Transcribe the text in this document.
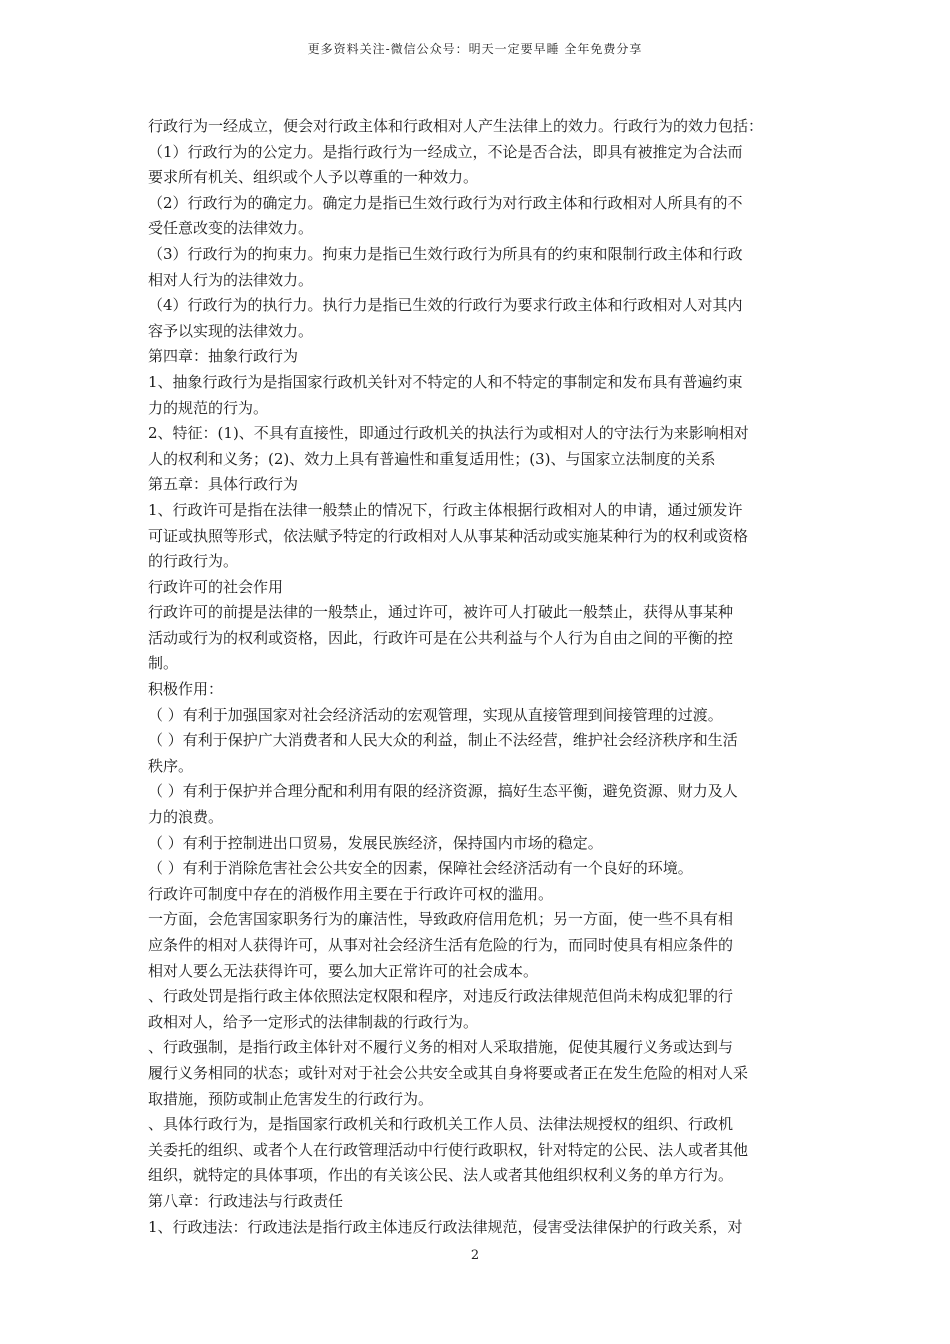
更多资料关注-微信公众号：明天一定要早睡 全年免费分享
行政行为一经成立，便会对行政主体和行政相对人产生法律上的效力。行政行为的效力包括：
（1）行政行为的公定力。是指行政行为一经成立，不论是否合法，即具有被推定为合法而
要求所有机关、组织或个人予以尊重的一种效力。
（2）行政行为的确定力。确定力是指已生效行政行为对行政主体和行政相对人所具有的不
受任意改变的法律效力。
（3）行政行为的拘束力。拘束力是指已生效行政行为所具有的约束和限制行政主体和行政
相对人行为的法律效力。
（4）行政行为的执行力。执行力是指已生效的行政行为要求行政主体和行政相对人对其内
容予以实现的法律效力。
第四章：抽象行政行为
1、抽象行政行为是指国家行政机关针对不特定的人和不特定的事制定和发布具有普遍约束
力的规范的行为。
2、特征：(1)、不具有直接性，即通过行政机关的执法行为或相对人的守法行为来影响相对
人的权利和义务；(2)、效力上具有普遍性和重复适用性；(3)、与国家立法制度的关系
第五章：具体行政行为
1、行政许可是指在法律一般禁止的情况下，行政主体根据行政相对人的申请，通过颁发许
可证或执照等形式，依法赋予特定的行政相对人从事某种活动或实施某种行为的权利或资格
的行政行为。
行政许可的社会作用
行政许可的前提是法律的一般禁止，通过许可，被许可人打破此一般禁止，获得从事某种
活动或行为的权利或资格，因此，行政许可是在公共利益与个人行为自由之间的平衡的控
制。
积极作用：
（ ）有利于加强国家对社会经济活动的宏观管理，实现从直接管理到间接管理的过渡。
（ ）有利于保护广大消费者和人民大众的利益，制止不法经营，维护社会经济秩序和生活
秩序。
（ ）有利于保护并合理分配和利用有限的经济资源，搞好生态平衡，避免资源、财力及人
力的浪费。
（ ）有利于控制进出口贸易，发展民族经济，保持国内市场的稳定。
（ ）有利于消除危害社会公共安全的因素，保障社会经济活动有一个良好的环境。
行政许可制度中存在的消极作用主要在于行政许可权的滥用。
一方面，会危害国家职务行为的廉洁性，导致政府信用危机；另一方面，使一些不具有相
应条件的相对人获得许可，从事对社会经济生活有危险的行为，而同时使具有相应条件的
相对人要么无法获得许可，要么加大正常许可的社会成本。
、行政处罚是指行政主体依照法定权限和程序，对违反行政法律规范但尚未构成犯罪的行
政相对人，给予一定形式的法律制裁的行政行为。
、行政强制，是指行政主体针对不履行义务的相对人采取措施，促使其履行义务或达到与
履行义务相同的状态；或针对对于社会公共安全或其自身将要或者正在发生危险的相对人采
取措施，预防或制止危害发生的行政行为。
、具体行政行为，是指国家行政机关和行政机关工作人员、法律法规授权的组织、行政机
关委托的组织、或者个人在行政管理活动中行使行政职权，针对特定的公民、法人或者其他
组织，就特定的具体事项，作出的有关该公民、法人或者其他组织权利义务的单方行为。
第八章：行政违法与行政责任
1、行政违法：行政违法是指行政主体违反行政法律规范，侵害受法律保护的行政关系，对
2
